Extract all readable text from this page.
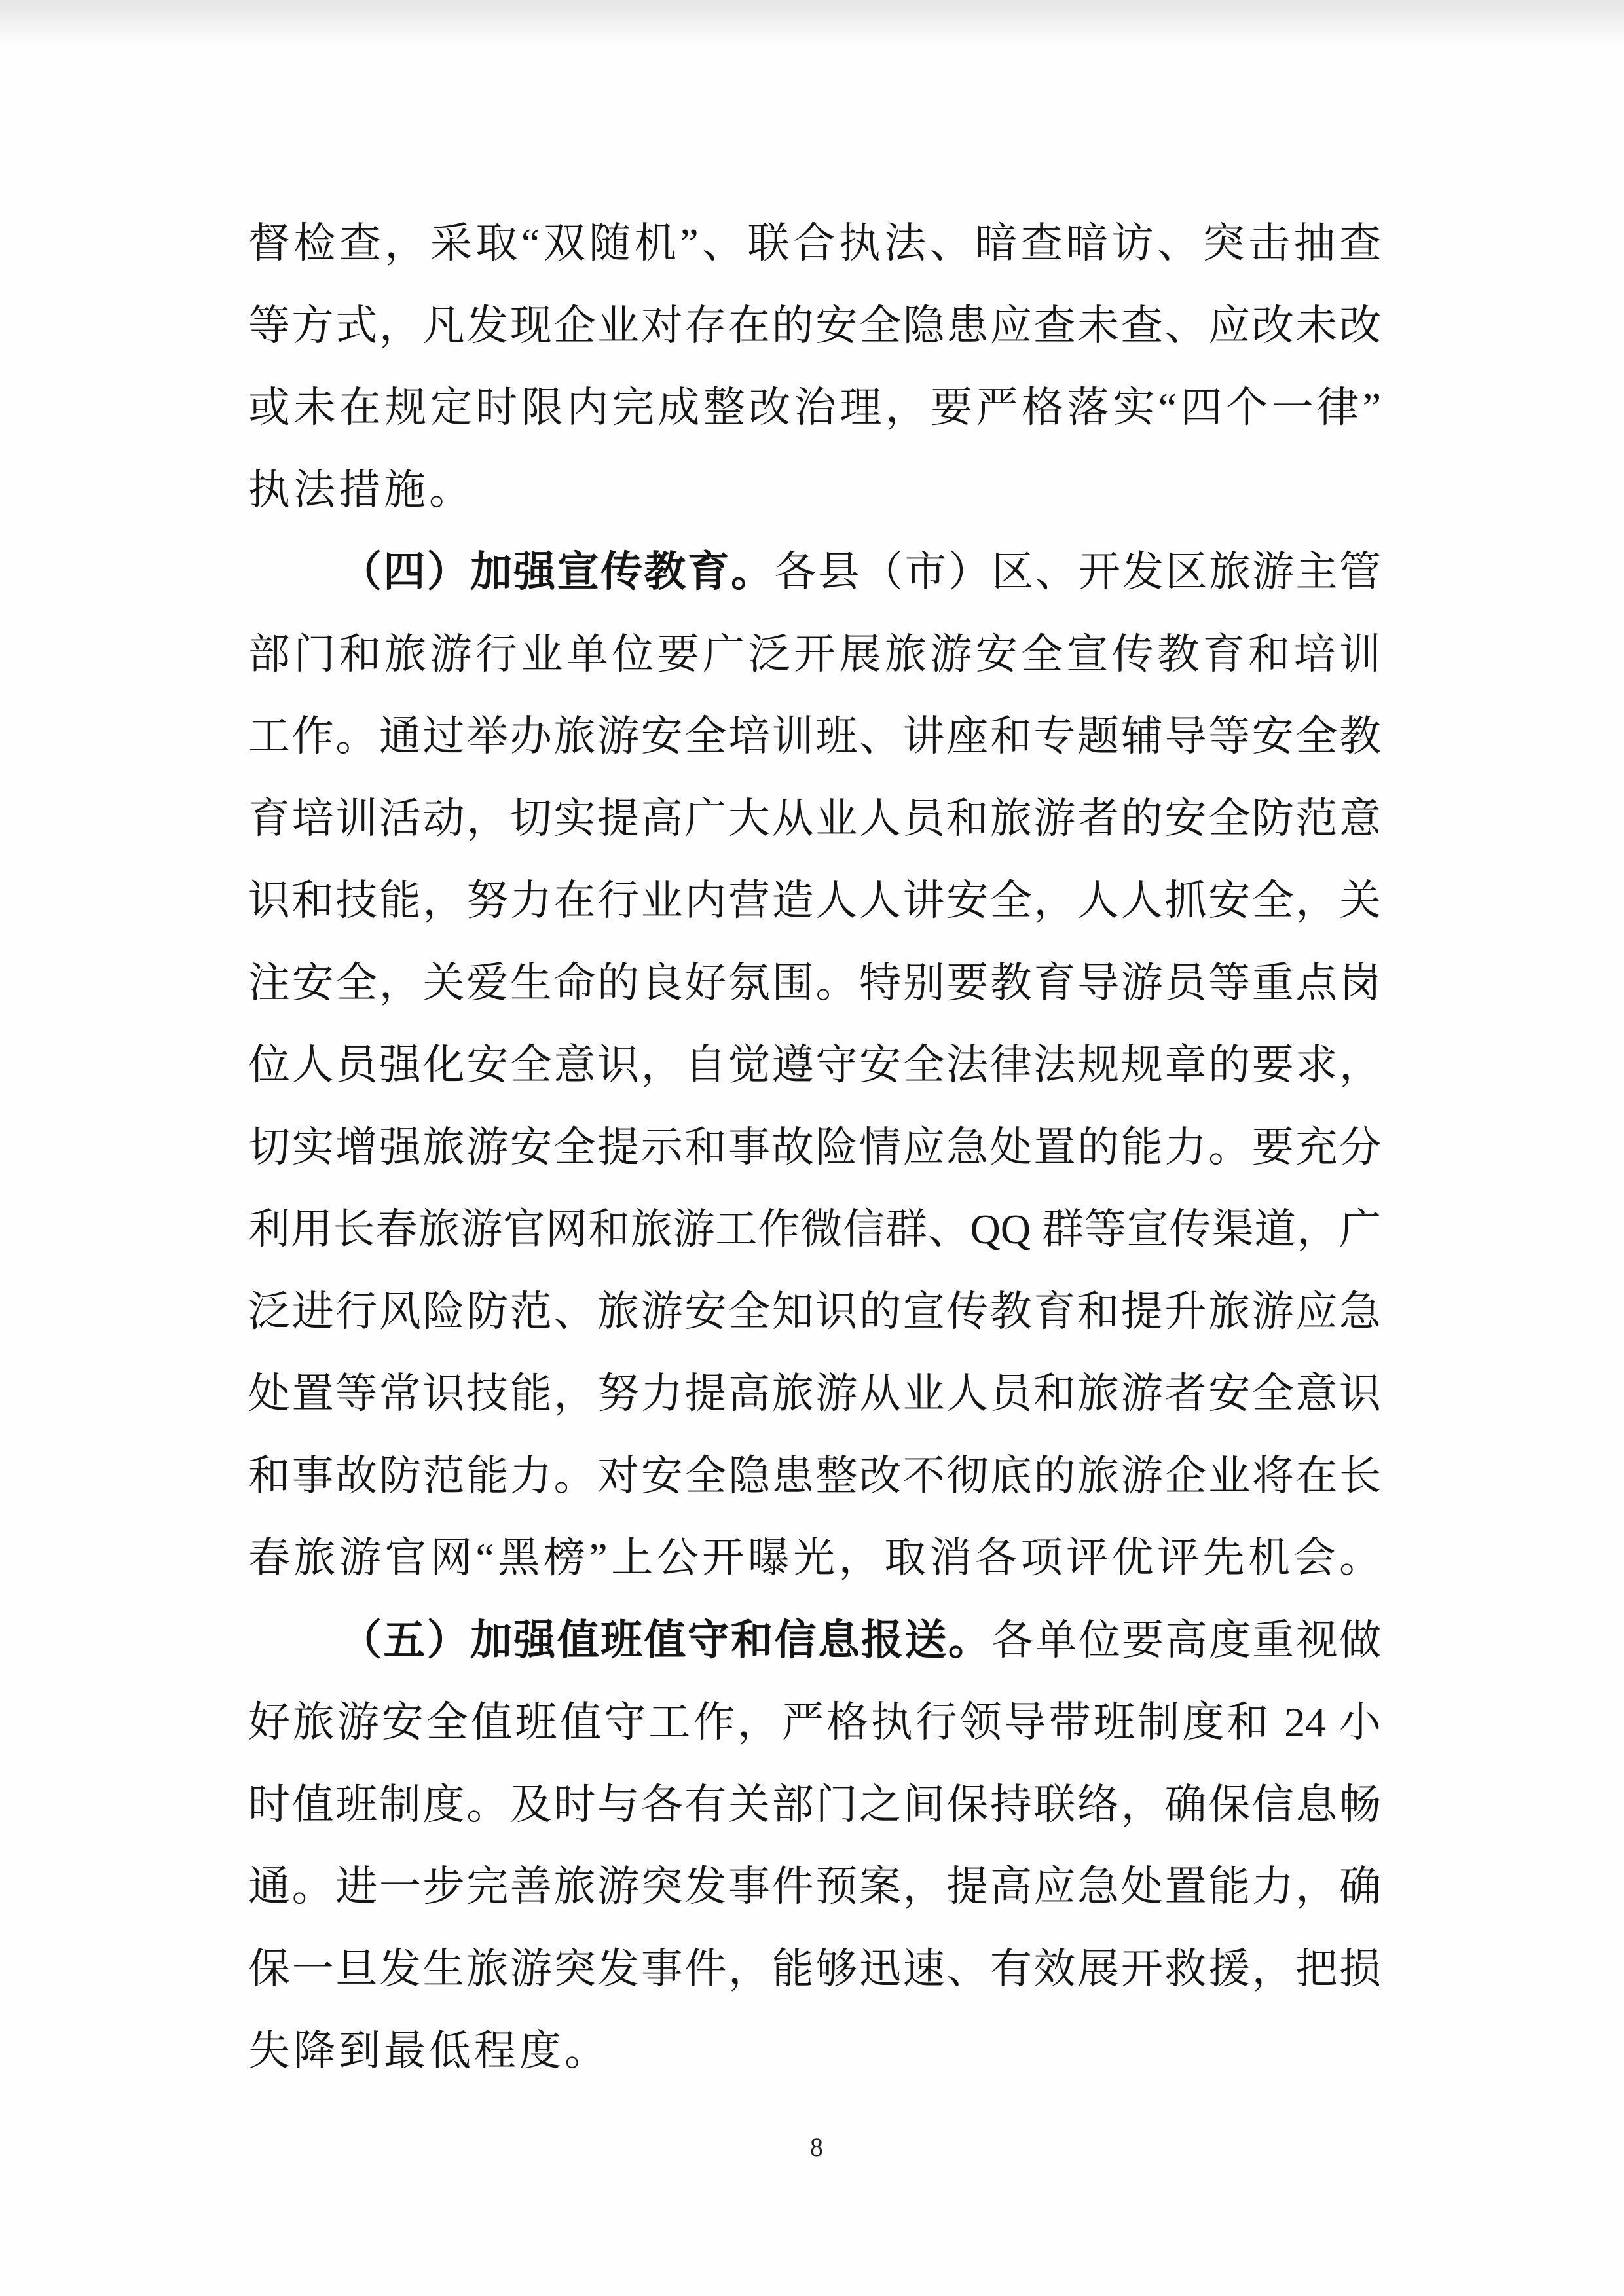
督检查，采取“双随机”、联合执法、暗查暗访、突击抽查
等方式，凡发现企业对存在的安全隐患应查未查、应改未改
或未在规定时限内完成整改治理，要严格落实“四个一律”
执法措施。
（四）加强宣传教育。各县（市）区、开发区旅游主管
部门和旅游行业单位要广泛开展旅游安全宣传教育和培训
工作。通过举办旅游安全培训班、讲座和专题辅导等安全教
育培训活动，切实提高广大从业人员和旅游者的安全防范意
识和技能，努力在行业内营造人人讲安全，人人抓安全，关
注安全，关爱生命的良好氛围。特别要教育导游员等重点岗
位人员强化安全意识，自觉遵守安全法律法规规章的要求，
切实增强旅游安全提示和事故险情应急处置的能力。要充分
利用长春旅游官网和旅游工作微信群、QQ 群等宣传渠道，广
泛进行风险防范、旅游安全知识的宣传教育和提升旅游应急
处置等常识技能，努力提高旅游从业人员和旅游者安全意识
和事故防范能力。对安全隐患整改不彻底的旅游企业将在长
春旅游官网“黑榜”上公开曝光，取消各项评优评先机会。
（五）加强值班值守和信息报送。各单位要高度重视做
好旅游安全值班值守工作，严格执行领导带班制度和 24 小
时值班制度。及时与各有关部门之间保持联络，确保信息畅
通。进一步完善旅游突发事件预案，提高应急处置能力，确
保一旦发生旅游突发事件，能够迅速、有效展开救援，把损
失降到最低程度。
8
